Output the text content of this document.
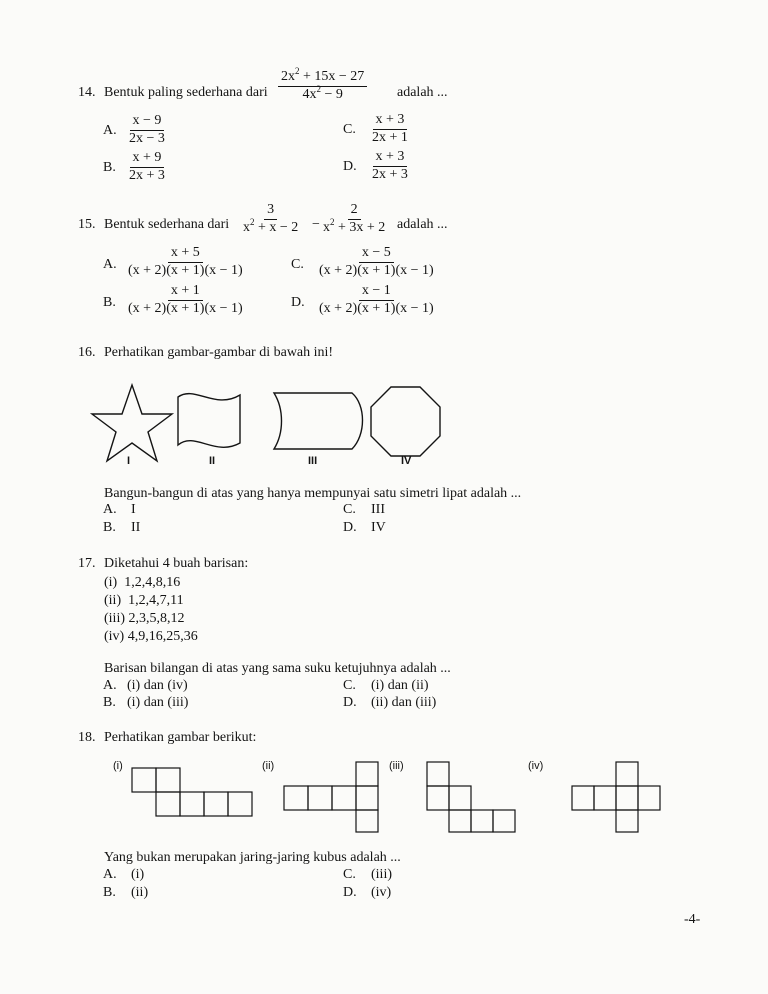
14. Bentuk paling sederhana dari $\frac{2x^2 + 15x - 27}{4x^2 - 9}$ adalah ...
A. $\frac{x - 9}{2x - 3}$
B. $\frac{x + 9}{2x + 3}$
C. $\frac{x + 3}{2x + 1}$
D. $\frac{x + 3}{2x + 3}$
15. Bentuk sederhana dari $\frac{3}{x^2 + x - 2} - \frac{2}{x^2 + 3x + 2}$ adalah ...
A. $\frac{x + 5}{(x + 2)(x + 1)(x - 1)}$
B. $\frac{x + 1}{(x + 2)(x + 1)(x - 1)}$
C. $\frac{x - 5}{(x + 2)(x + 1)(x - 1)}$
D. $\frac{x - 1}{(x + 2)(x + 1)(x - 1)}$
16. Perhatikan gambar-gambar di bawah ini!
I	II	III	IV
Bangun-bangun di atas yang hanya mempunyai satu simetri lipat adalah ...
A. I
B. II
C. III
D. IV
17. Diketahui 4 buah barisan:
(i)  1,2,4,8,16
(ii)  1,2,4,7,11
(iii) 2,3,5,8,12
(iv) 4,9,16,25,36
Barisan bilangan di atas yang sama suku ketujuhnya adalah ...
A. (i) dan (iv)
B. (i) dan (iii)
C. (i) dan (ii)
D. (ii) dan (iii)
18. Perhatikan gambar berikut:
(i)	(ii)	(iii)	(iv)
Yang bukan merupakan jaring-jaring kubus adalah ...
A. (i)
B. (ii)
C. (iii)
D. (iv)
-4-
